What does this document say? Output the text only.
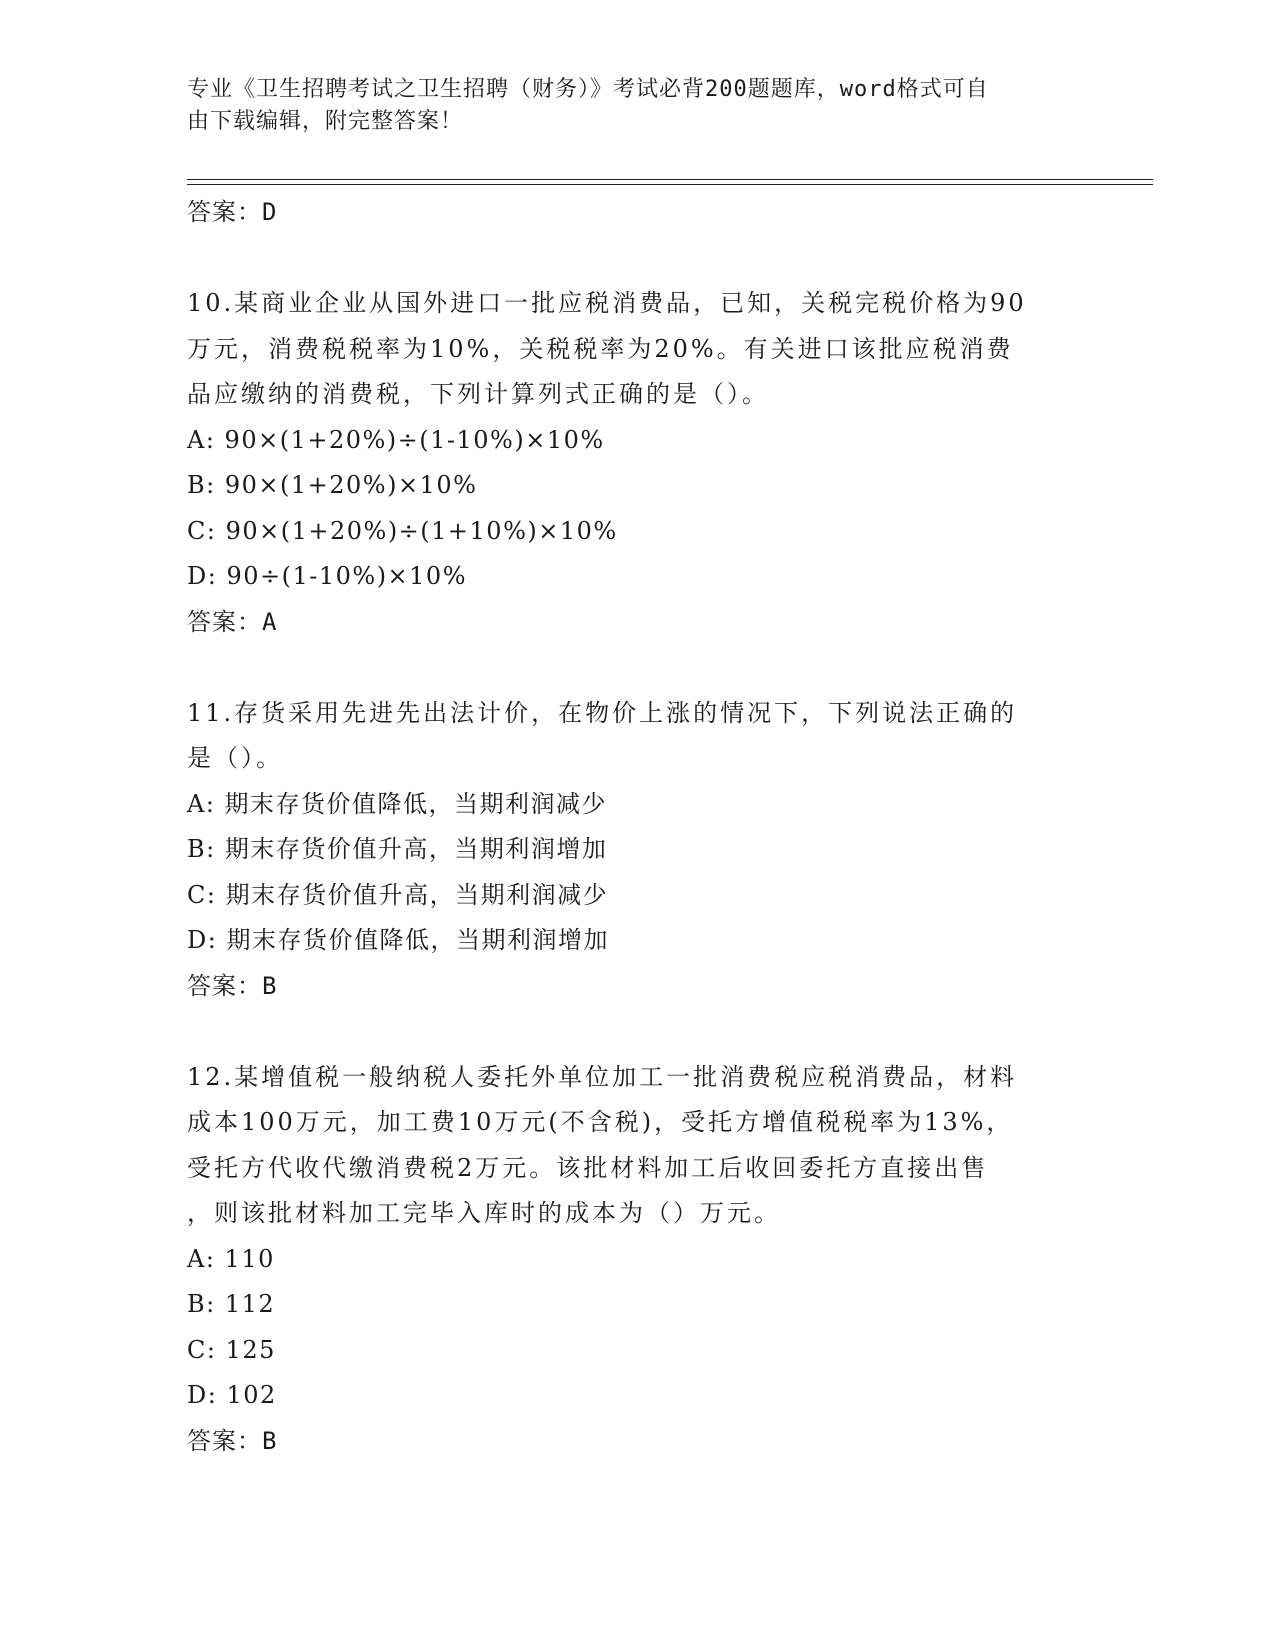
专业《卫生招聘考试之卫生招聘（财务）》考试必背200题题库，word格式可自
由下载编辑，附完整答案！
答案：D
10.某商业企业从国外进口一批应税消费品，已知，关税完税价格为90
万元，消费税税率为10%，关税税率为20%。有关进口该批应税消费
品应缴纳的消费税，下列计算列式正确的是（）。
A: 90×(1+20%)÷(1-10%)×10%
B: 90×(1+20%)×10%
C: 90×(1+20%)÷(1+10%)×10%
D: 90÷(1-10%)×10%
答案：A
11.存货采用先进先出法计价，在物价上涨的情况下，下列说法正确的
是（）。
A: 期末存货价值降低，当期利润减少
B: 期末存货价值升高，当期利润增加
C: 期末存货价值升高，当期利润减少
D: 期末存货价值降低，当期利润增加
答案：B
12.某增值税一般纳税人委托外单位加工一批消费税应税消费品，材料
成本100万元，加工费10万元(不含税)，受托方增值税税率为13%，
受托方代收代缴消费税2万元。该批材料加工后收回委托方直接出售
，则该批材料加工完毕入库时的成本为（）万元。
A: 110
B: 112
C: 125
D: 102
答案：B
